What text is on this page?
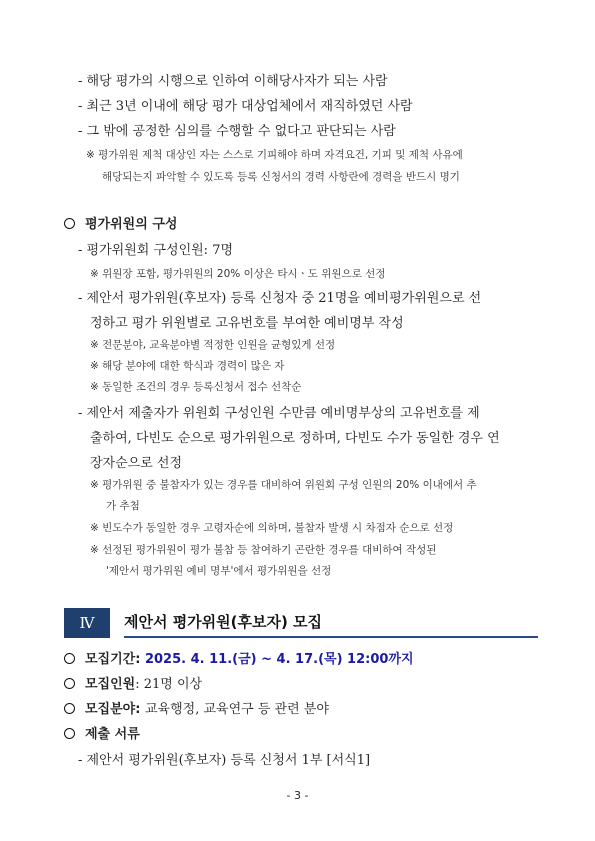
- 해당 평가의 시행으로 인하여 이해당사자가 되는 사람
- 최근 3년 이내에 해당 평가 대상업체에서 재직하였던 사람
- 그 밖에 공정한 심의를 수행할 수 없다고 판단되는 사람
※ 평가위원 제척 대상인 자는 스스로 기피해야 하며 자격요건, 기피 및 제척 사유에
해당되는지 파악할 수 있도록 등록 신청서의 경력 사항란에 경력을 반드시 명기
평가위원의 구성
- 평가위원회 구성인원: 7명
※ 위원장 포함, 평가위원의 20% 이상은 타시ㆍ도 위원으로 선정
- 제안서 평가위원(후보자) 등록 신청자 중 21명을 예비평가위원으로 선
정하고 평가 위원별로 고유번호를 부여한 예비명부 작성
※ 전문분야, 교육분야별 적정한 인원을 균형있게 선정
※ 해당 분야에 대한 학식과 경력이 많은 자
※ 동일한 조건의 경우 등록신청서 접수 선착순
- 제안서 제출자가 위원회 구성인원 수만큼 예비명부상의 고유번호를 제
출하여, 다빈도 순으로 평가위원으로 정하며, 다빈도 수가 동일한 경우 연
장자순으로 선정
※ 평가위원 중 불참자가 있는 경우를 대비하여 위원회 구성 인원의 20% 이내에서 추
가 추첨
※ 빈도수가 동일한 경우 고령자순에 의하며, 불참자 발생 시 차점자 순으로 선정
※ 선정된 평가위원이 평가 불참 등 참여하기 곤란한 경우를 대비하여 작성된
'제안서 평가위원 예비 명부'에서 평가위원을 선정
Ⅳ	제안서 평가위원(후보자) 모집
모집기간: 2025. 4. 11.(금) ~ 4. 17.(목) 12:00까지
모집인원: 21명 이상
모집분야: 교육행정, 교육연구 등 관련 분야
제출 서류
- 제안서 평가위원(후보자) 등록 신청서 1부 [서식1]
- 3 -
